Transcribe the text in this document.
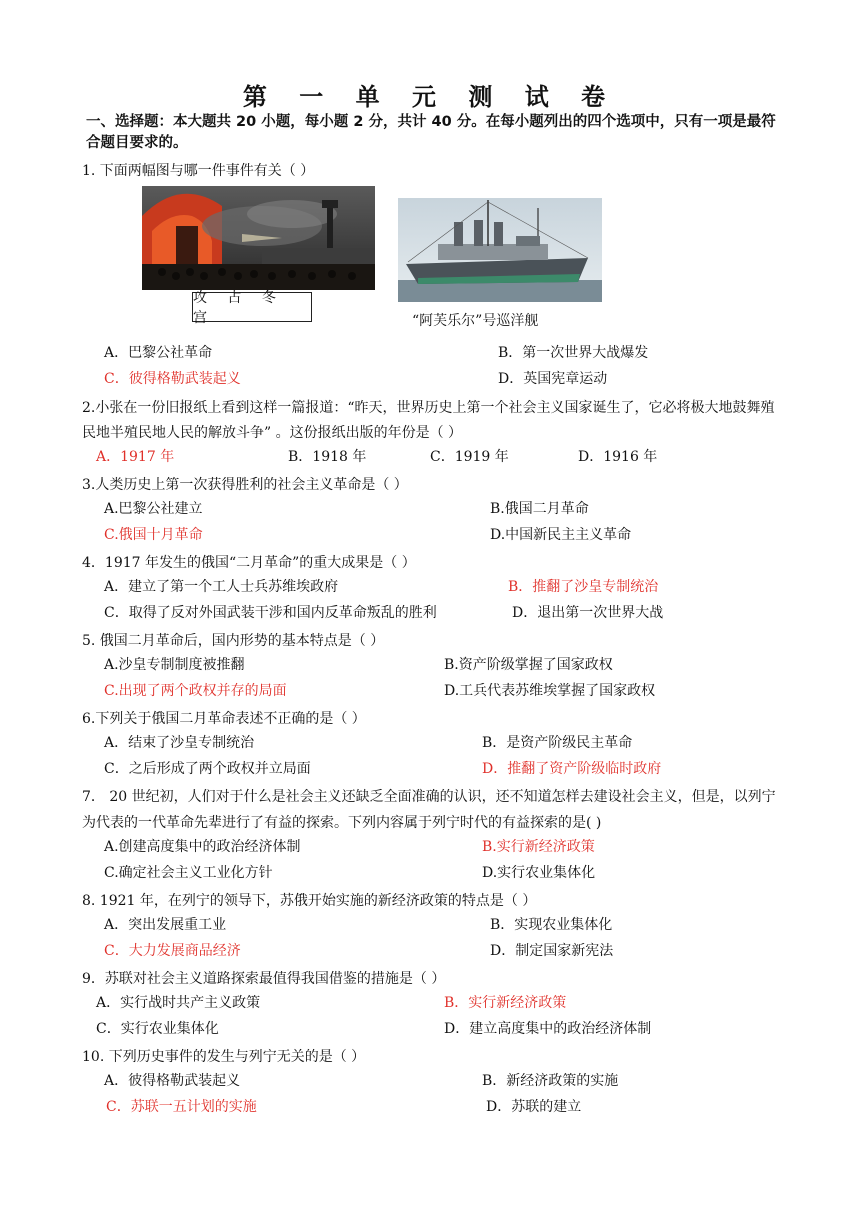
第 一 单 元 测 试 卷
一、选择题：本大题共 20 小题，每小题 2 分，共计 40 分。在每小题列出的四个选项中，只有一项是最符合题目要求的。
1. 下面两幅图与哪一件事件有关（ ）
攻 占 冬 宫	“阿芙乐尔”号巡洋舰
A．巴黎公社革命	B．第一次世界大战爆发
C．彼得格勒武装起义	D．英国宪章运动
2.小张在一份旧报纸上看到这样一篇报道：“昨天，世界历史上第一个社会主义国家诞生了，它必将极大地鼓舞殖民地半殖民地人民的解放斗争” 。这份报纸出版的年份是（ ）
A．1917 年	B．1918 年	C．1919 年	D．1916 年
3.人类历史上第一次获得胜利的社会主义革命是（ ）
A.巴黎公社建立	B.俄国二月革命
C.俄国十月革命	D.中国新民主主义革命
4．1917 年发生的俄国“二月革命”的重大成果是（ ）
A．建立了第一个工人士兵苏维埃政府	B．推翻了沙皇专制统治
C．取得了反对外国武装干涉和国内反革命叛乱的胜利	D．退出第一次世界大战
5. 俄国二月革命后，国内形势的基本特点是（ ）
A.沙皇专制制度被推翻	B.资产阶级掌握了国家政权
C.出现了两个政权并存的局面	D.工兵代表苏维埃掌握了国家政权
6.下列关于俄国二月革命表述不正确的是（ ）
A．结束了沙皇专制统治	B．是资产阶级民主革命
C．之后形成了两个政权并立局面	D．推翻了资产阶级临时政府
7． 20 世纪初，人们对于什么是社会主义还缺乏全面准确的认识，还不知道怎样去建设社会主义，但是，以列宁为代表的一代革命先辈进行了有益的探索。下列内容属于列宁时代的有益探索的是( )
A.创建高度集中的政治经济体制	B.实行新经济政策
C.确定社会主义工业化方针	D.实行农业集体化
8. 1921 年，在列宁的领导下，苏俄开始实施的新经济政策的特点是（ ）
A．突出发展重工业	B．实现农业集体化
C．大力发展商品经济	D．制定国家新宪法
9．苏联对社会主义道路探索最值得我国借鉴的措施是（ ）
A．实行战时共产主义政策	B．实行新经济政策
C．实行农业集体化	D．建立高度集中的政治经济体制
10. 下列历史事件的发生与列宁无关的是（ ）
A．彼得格勒武装起义	B．新经济政策的实施
C．苏联一五计划的实施	D．苏联的建立
